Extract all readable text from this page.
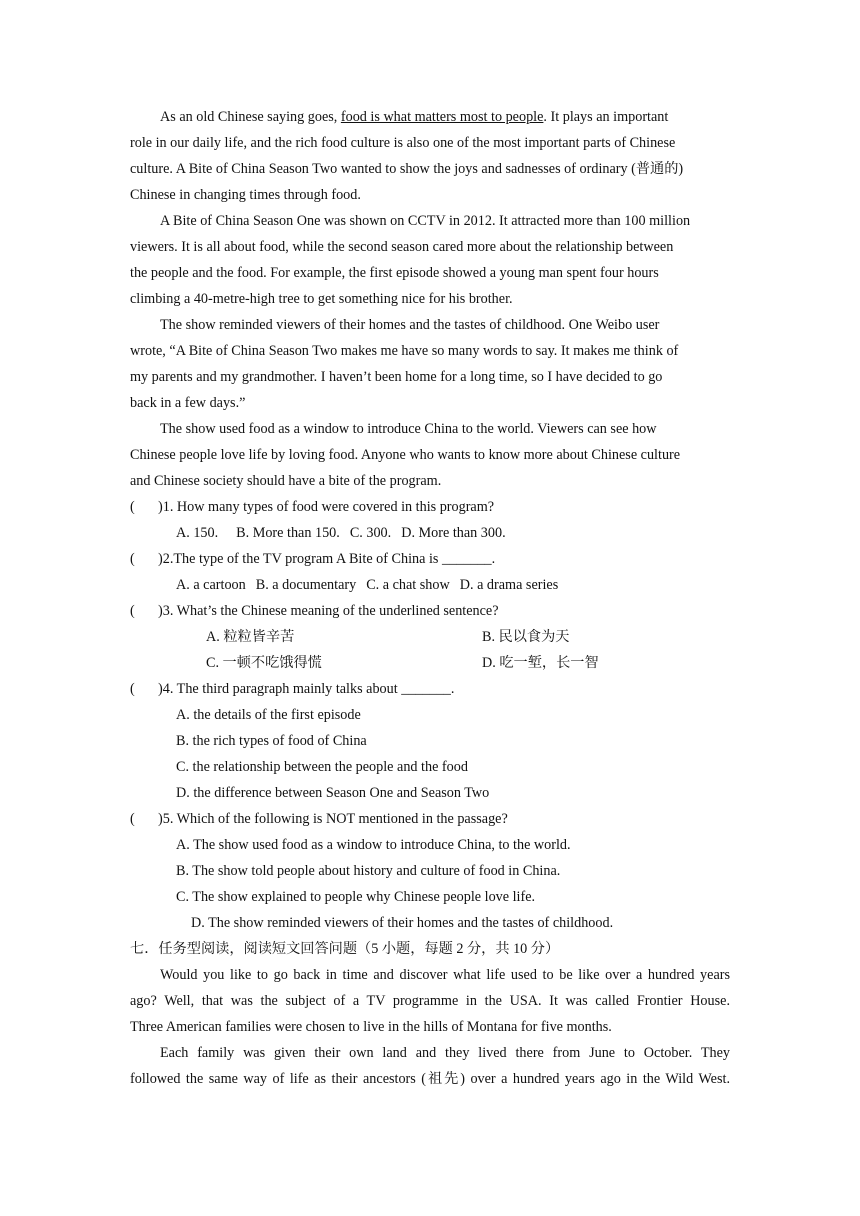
As an old Chinese saying goes, food is what matters most to people. It plays an important
role in our daily life, and the rich food culture is also one of the most important parts of Chinese
culture. A Bite of China Season Two wanted to show the joys and sadnesses of ordinary (普通的)
Chinese in changing times through food.
A Bite of China Season One was shown on CCTV in 2012. It attracted more than 100 million
viewers. It is all about food, while the second season cared more about the relationship between
the people and the food. For example, the first episode showed a young man spent four hours
climbing a 40-metre-high tree to get something nice for his brother.
The show reminded viewers of their homes and the tastes of childhood. One Weibo user
wrote, “A Bite of China Season Two makes me have so many words to say. It makes me think of
my parents and my grandmother. I haven’t been home for a long time, so I have decided to go
back in a few days.”
The show used food as a window to introduce China to the world. Viewers can see how
Chinese people love life by loving food. Anyone who wants to know more about Chinese culture
and Chinese society should have a bite of the program.
( )1. How many types of food were covered in this program?
A. 150. B. More than 150. C. 300. D. More than 300.
( )2.The type of the TV program A Bite of China is _______.
A. a cartoon B. a documentary C. a chat show D. a drama series
( )3. What’s the Chinese meaning of the underlined sentence?
A. 粒粒皆辛苦	B. 民以食为天
C. 一顿不吃饿得慌	D. 吃一堑，长一智
( )4. The third paragraph mainly talks about _______.
A. the details of the first episode
B. the rich types of food of China
C. the relationship between the people and the food
D. the difference between Season One and Season Two
( )5. Which of the following is NOT mentioned in the passage?
A. The show used food as a window to introduce China, to the world.
B. The show told people about history and culture of food in China.
C. The show explained to people why Chinese people love life.
D. The show reminded viewers of their homes and the tastes of childhood.
七．任务型阅读，阅读短文回答问题（5 小题，每题 2 分，共 10 分）
Would you like to go back in time and discover what life used to be like over a hundred years
ago? Well, that was the subject of a TV programme in the USA. It was called Frontier House.
Three American families were chosen to live in the hills of Montana for five months.
Each family was given their own land and they lived there from June to October. They
followed the same way of life as their ancestors (祖先) over a hundred years ago in the Wild West.
